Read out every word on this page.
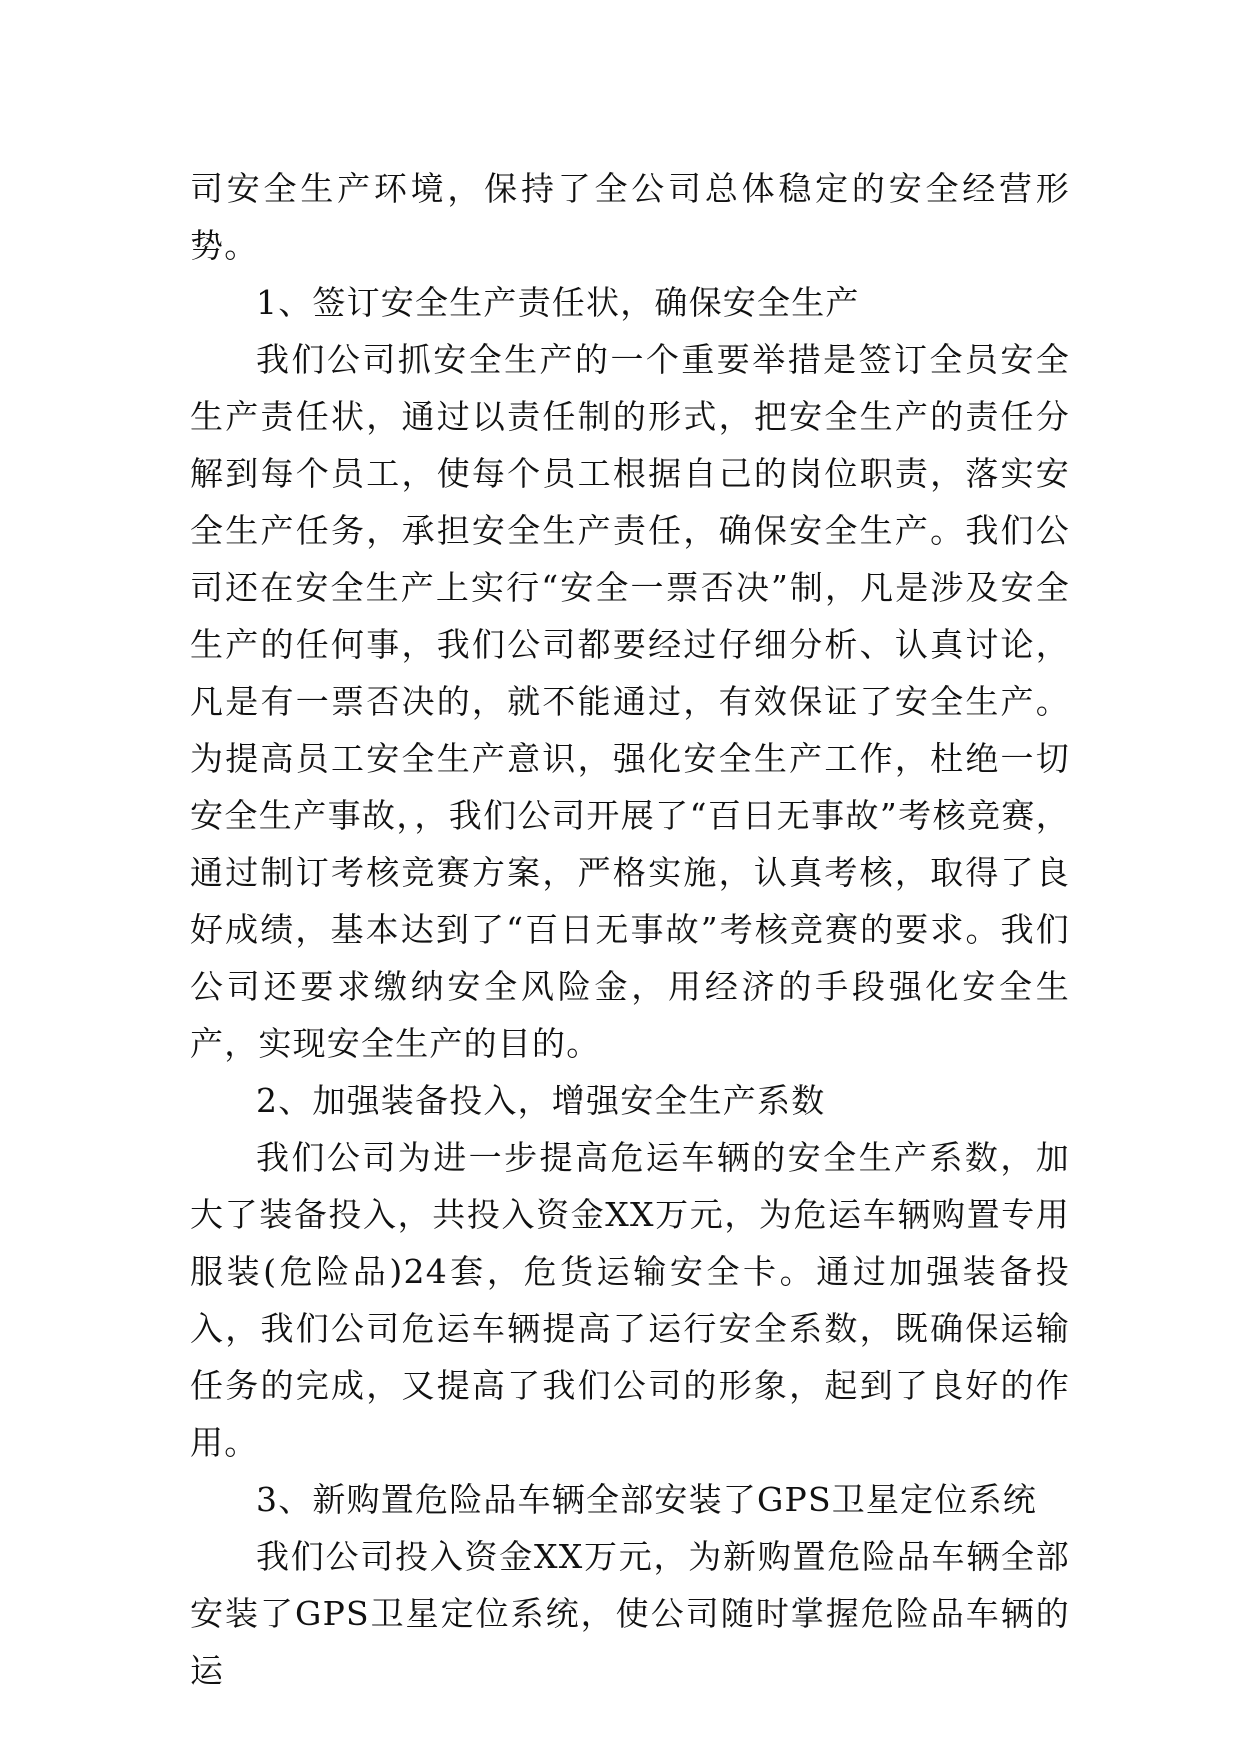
司安全生产环境，保持了全公司总体稳定的安全经营形势。

1、签订安全生产责任状，确保安全生产

我们公司抓安全生产的一个重要举措是签订全员安全生产责任状，通过以责任制的形式，把安全生产的责任分解到每个员工，使每个员工根据自己的岗位职责，落实安全生产任务，承担安全生产责任，确保安全生产。我们公司还在安全生产上实行“安全一票否决”制，凡是涉及安全生产的任何事，我们公司都要经过仔细分析、认真讨论，凡是有一票否决的，就不能通过，有效保证了安全生产。为提高员工安全生产意识，强化安全生产工作，杜绝一切安全生产事故，，我们公司开展了“百日无事故”考核竞赛，通过制订考核竞赛方案，严格实施，认真考核，取得了良好成绩，基本达到了“百日无事故”考核竞赛的要求。我们公司还要求缴纳安全风险金，用经济的手段强化安全生产，实现安全生产的目的。

2、加强装备投入，增强安全生产系数

我们公司为进一步提高危运车辆的安全生产系数，加大了装备投入，共投入资金XX万元，为危运车辆购置专用服装(危险品)24套，危货运输安全卡。通过加强装备投入，我们公司危运车辆提高了运行安全系数，既确保运输任务的完成，又提高了我们公司的形象，起到了良好的作用。

3、新购置危险品车辆全部安装了GPS卫星定位系统

我们公司投入资金XX万元，为新购置危险品车辆全部安装了GPS卫星定位系统，使公司随时掌握危险品车辆的运
